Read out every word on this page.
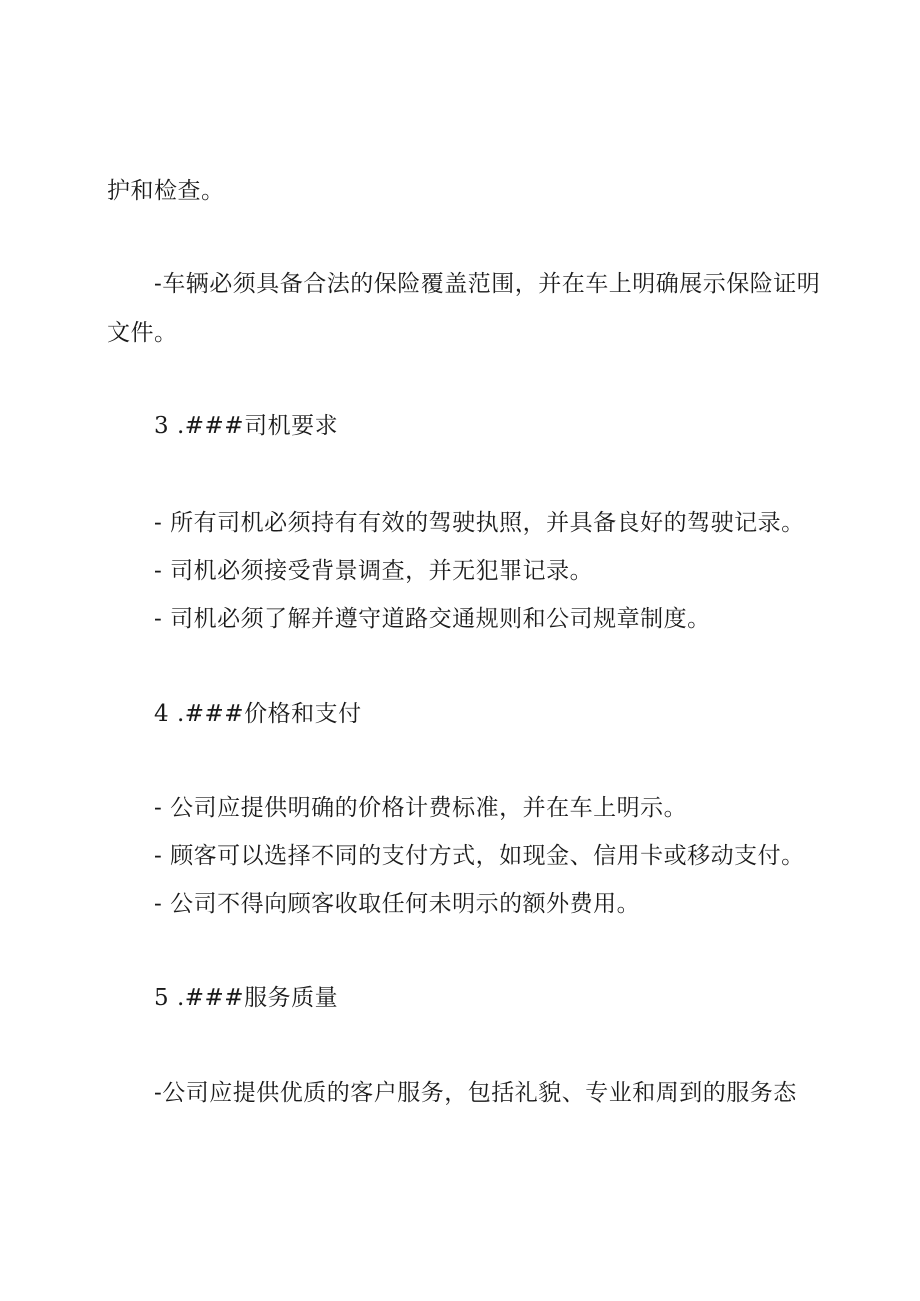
护和检查。
-车辆必须具备合法的保险覆盖范围，并在车上明确展示保险证明
文件。
3 .###司机要求
- 所有司机必须持有有效的驾驶执照，并具备良好的驾驶记录。
- 司机必须接受背景调查，并无犯罪记录。
- 司机必须了解并遵守道路交通规则和公司规章制度。
4 .###价格和支付
- 公司应提供明确的价格计费标准，并在车上明示。
- 顾客可以选择不同的支付方式，如现金、信用卡或移动支付。
- 公司不得向顾客收取任何未明示的额外费用。
5 .###服务质量
-公司应提供优质的客户服务，包括礼貌、专业和周到的服务态
